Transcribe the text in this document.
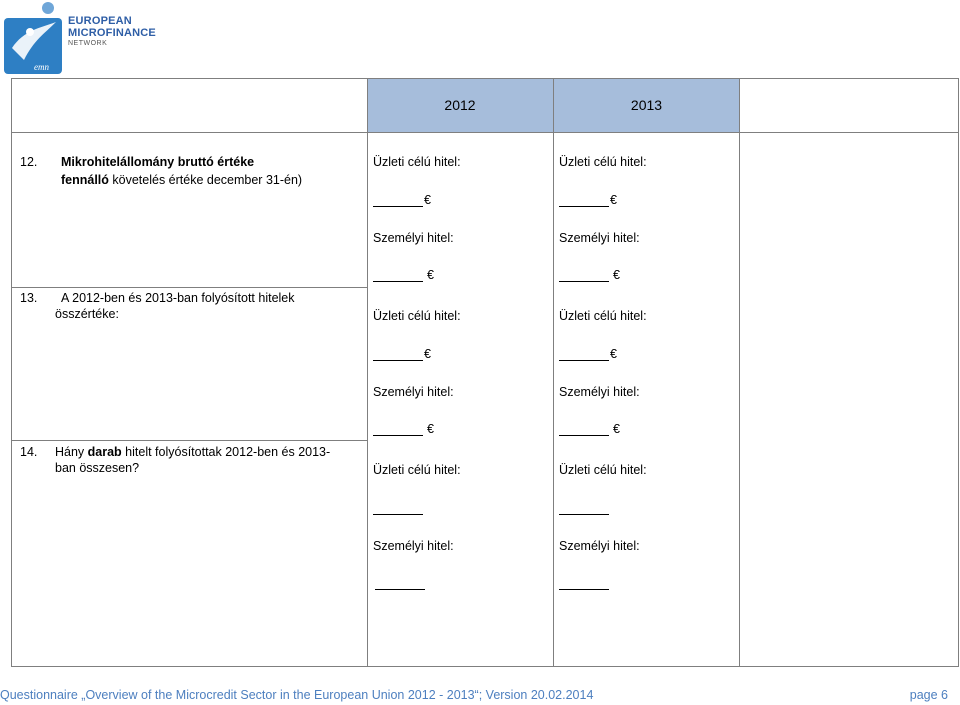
emn
EUROPEAN
MICROFINANCE
NETWORK
2012	2013
12. Mikrohitelállomány bruttó értéke
fennálló követelés értéke december 31-én)
13. A 2012-ben és 2013-ban folyósított hitelek
összértéke:
14. Hány darab hitelt folyósítottak 2012-ben és 2013-
ban összesen?
Üzleti célú hitel:
€
Személyi hitel:
€
Üzleti célú hitel:
€
Személyi hitel:
€
Üzleti célú hitel:
Személyi hitel:
Üzleti célú hitel:
€
Személyi hitel:
€
Üzleti célú hitel:
€
Személyi hitel:
€
Üzleti célú hitel:
Személyi hitel:
Questionnaire „Overview of the Microcredit Sector in the European Union 2012 - 2013“; Version 20.02.2014	page 6
